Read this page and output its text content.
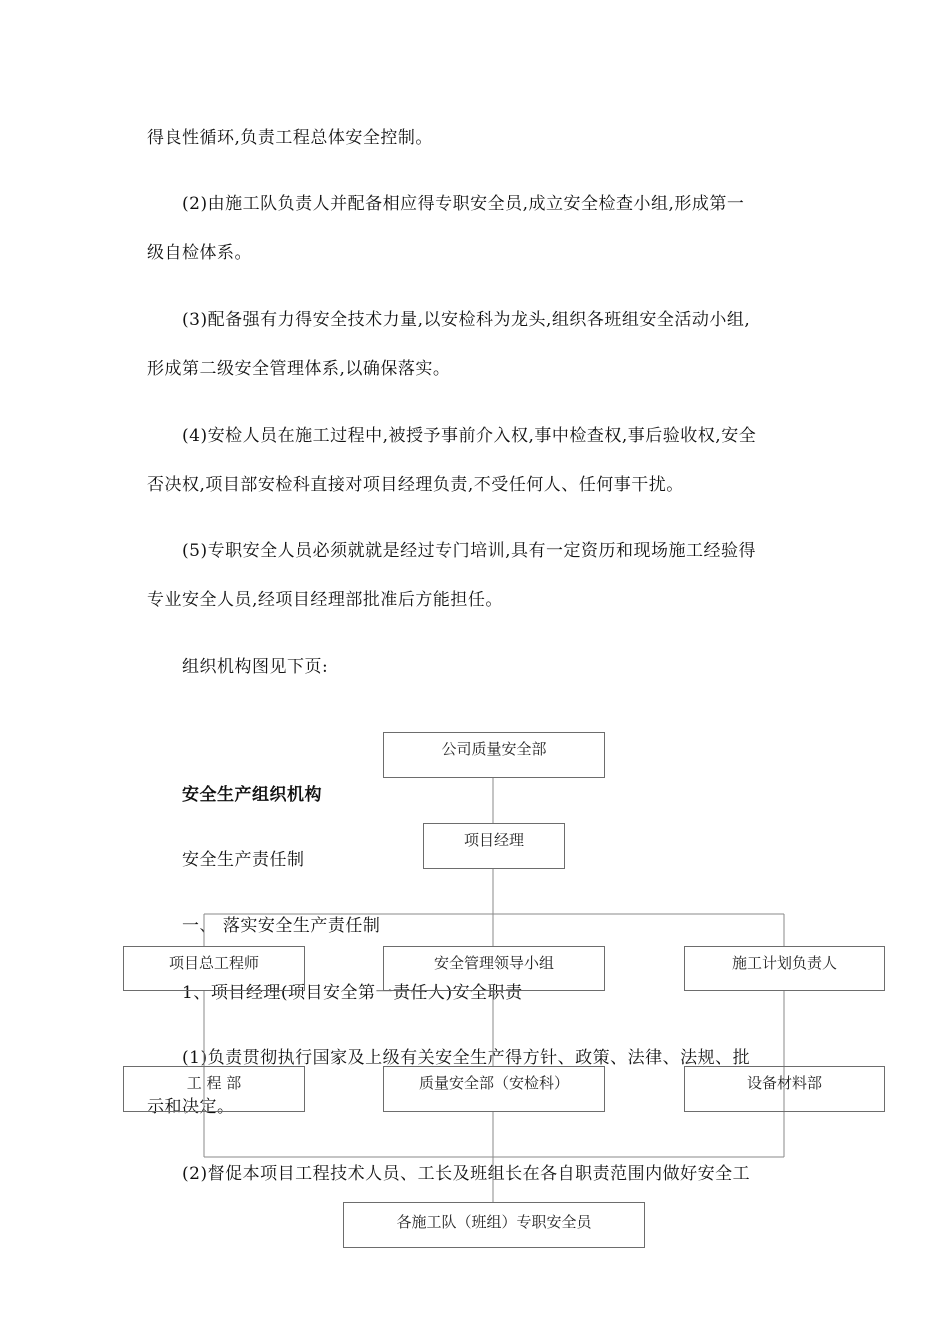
得良性循环,负责工程总体安全控制。
(2)由施工队负责人并配备相应得专职安全员,成立安全检查小组,形成第一
级自检体系。
(3)配备强有力得安全技术力量,以安检科为龙头,组织各班组安全活动小组,
形成第二级安全管理体系,以确保落实。
(4)安检人员在施工过程中,被授予事前介入权,事中检查权,事后验收权,安全
否决权,项目部安检科直接对项目经理负责,不受任何人、任何事干扰。
(5)专职安全人员必须就就是经过专门培训,具有一定资历和现场施工经验得
专业安全人员,经项目经理部批准后方能担任。
组织机构图见下页:
安全生产组织机构
安全生产责任制
一、 落实安全生产责任制
1、项目经理(项目安全第一责任人)安全职责
(1)负责贯彻执行国家及上级有关安全生产得方针、政策、法律、法规、批
示和决定。
(2)督促本项目工程技术人员、工长及班组长在各自职责范围内做好安全工
公司质量安全部
项目经理
项目总工程师	安全管理领导小组	施工计划负责人
工 程 部	质量安全部（安检科）	设备材料部
各施工队（班组）专职安全员
